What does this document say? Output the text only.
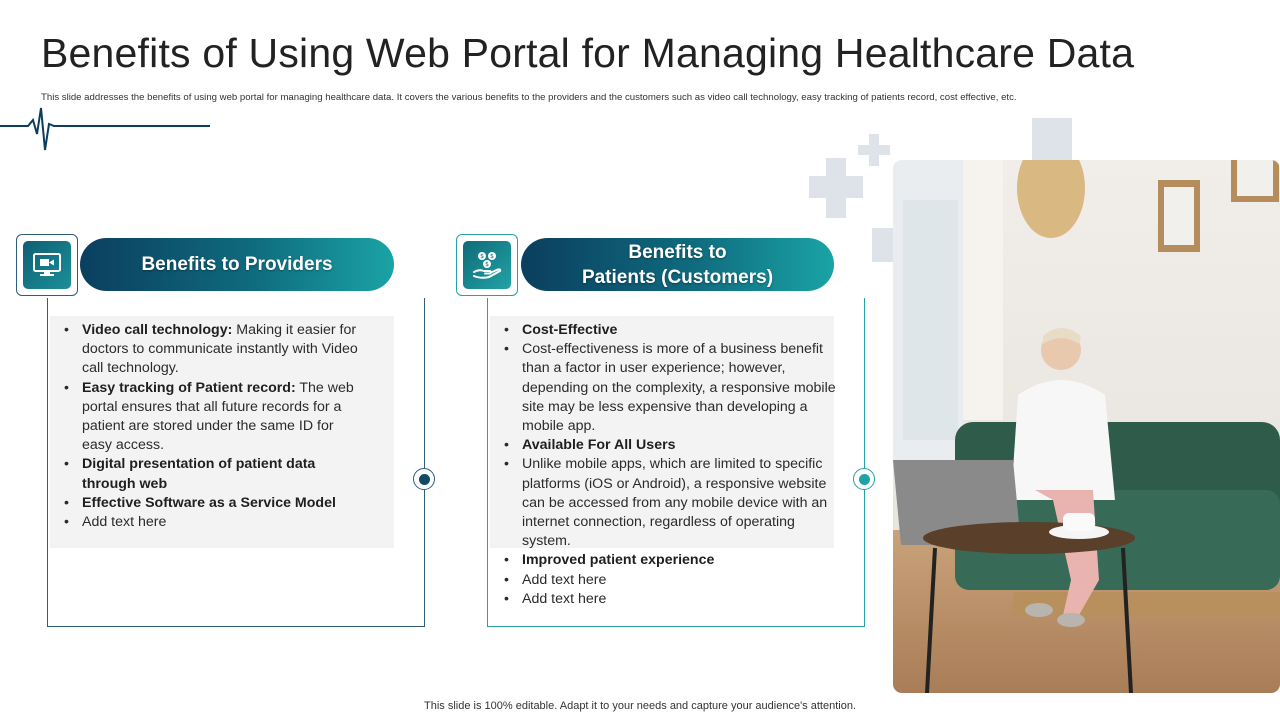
Benefits of Using Web Portal for Managing Healthcare Data

This slide addresses the benefits of using web portal for managing healthcare data. It covers the various benefits to the providers and the customers such as video call technology, easy tracking of patients record, cost effective, etc.

Benefits to Providers	$ $
$
Benefits to
Patients (Customers)
• Video call technology: Making it easier for doctors to communicate instantly with Video call technology.
• Easy tracking of Patient record: The web portal ensures that all future records for a patient are stored under the same ID for easy access.
• Digital presentation of patient data through web
• Effective Software as a Service Model
• Add text here
• Cost-Effective
• Cost-effectiveness is more of a business benefit than a factor in user experience; however, depending on the complexity, a responsive mobile site may be less expensive than developing a mobile app.
• Available For All Users
• Unlike mobile apps, which are limited to specific platforms (iOS or Android), a responsive website can be accessed from any mobile device with an internet connection, regardless of operating system.
• Improved patient experience
• Add text here
• Add text here

This slide is 100% editable. Adapt it to your needs and capture your audience's attention.
